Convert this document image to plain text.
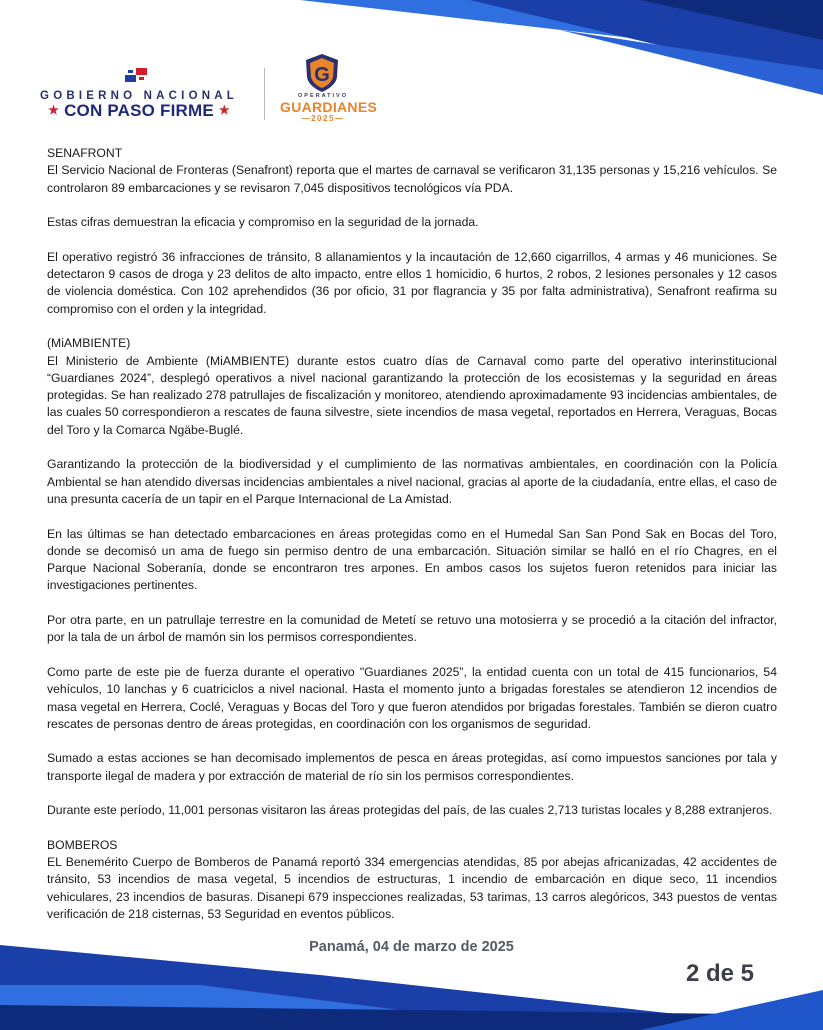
GOBIERNO NACIONAL
★ CON PASO FIRME ★
G
OPERATIVO
GUARDIANES
—2025—

SENAFRONT

El Servicio Nacional de Fronteras (Senafront) reporta que el martes de carnaval se verificaron 31,135 personas y 15,216 vehículos. Se controlaron 89 embarcaciones y se revisaron 7,045 dispositivos tecnológicos vía PDA.

Estas cifras demuestran la eficacia y compromiso en la seguridad de la jornada.

El operativo registró 36 infracciones de tránsito, 8 allanamientos y la incautación de 12,660 cigarrillos, 4 armas y 46 municiones. Se detectaron 9 casos de droga y 23 delitos de alto impacto, entre ellos 1 homicidio, 6 hurtos, 2 robos, 2 lesiones personales y 12 casos de violencia doméstica. Con 102 aprehendidos (36 por oficio, 31 por flagrancia y 35 por falta administrativa), Senafront reafirma su compromiso con el orden y la integridad.

(MiAMBIENTE)

El Ministerio de Ambiente (MiAMBIENTE) durante estos cuatro días de Carnaval como parte del operativo interinstitucional “Guardianes 2024”, desplegó operativos a nivel nacional garantizando la protección de los ecosistemas y la seguridad en áreas protegidas. Se han realizado 278 patrullajes de fiscalización y monitoreo, atendiendo aproximadamente 93 incidencias ambientales, de las cuales 50 correspondieron a rescates de fauna silvestre, siete incendios de masa vegetal, reportados en Herrera, Veraguas, Bocas del Toro y la Comarca Ngäbe-Buglé.

Garantizando la protección de la biodiversidad y el cumplimiento de las normativas ambientales, en coordinación con la Policía Ambiental se han atendido diversas incidencias ambientales a nivel nacional, gracias al aporte de la ciudadanía, entre ellas, el caso de una presunta cacería de un tapir en el Parque Internacional de La Amistad.

En las últimas se han detectado embarcaciones en áreas protegidas como en el Humedal San San Pond Sak en Bocas del Toro, donde se decomisó un ama de fuego sin permiso dentro de una embarcación. Situación similar se halló en el río Chagres, en el Parque Nacional Soberanía, donde se encontraron tres arpones. En ambos casos los sujetos fueron retenidos para iniciar las investigaciones pertinentes.

Por otra parte, en un patrullaje terrestre en la comunidad de Metetí se retuvo una motosierra y se procedió a la citación del infractor, por la tala de un árbol de mamón sin los permisos correspondientes.

Como parte de este pie de fuerza durante el operativo "Guardianes 2025”, la entidad cuenta con un total de 415 funcionarios, 54 vehículos, 10 lanchas y 6 cuatriciclos a nivel nacional. Hasta el momento junto a brigadas forestales se atendieron 12 incendios de masa vegetal en Herrera, Coclé, Veraguas y Bocas del Toro y que fueron atendidos por brigadas forestales. También se dieron cuatro rescates de personas dentro de áreas protegidas, en coordinación con los organismos de seguridad.

Sumado a estas acciones se han decomisado implementos de pesca en áreas protegidas, así como impuestos sanciones por tala y transporte ilegal de madera y por extracción de material de río sin los permisos correspondientes.

Durante este período, 11,001 personas visitaron las áreas protegidas del país, de las cuales 2,713 turistas locales y 8,288 extranjeros.

BOMBEROS

EL Benemérito Cuerpo de Bomberos de Panamá reportó 334 emergencias atendidas, 85 por abejas africanizadas, 42 accidentes de tránsito, 53 incendios de masa vegetal, 5 incendios de estructuras, 1 incendio de embarcación en dique seco, 11 incendios vehiculares, 23 incendios de basuras. Disanepi 679 inspecciones realizadas, 53 tarimas, 13 carros alegóricos, 343 puestos de ventas verificación de 218 cisternas, 53 Seguridad en eventos públicos.

Panamá, 04 de marzo de 2025
2 de 5
